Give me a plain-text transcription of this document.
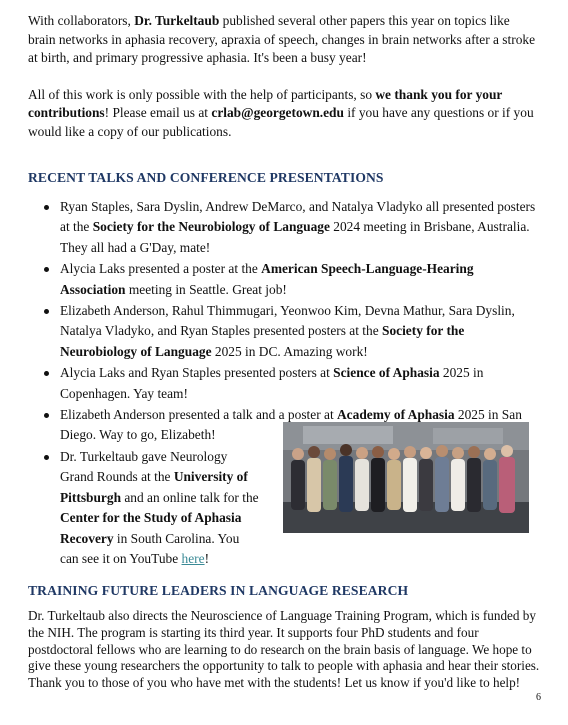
With collaborators, Dr. Turkeltaub published several other papers this year on topics like brain networks in aphasia recovery, apraxia of speech, changes in brain networks after a stroke at birth, and primary progressive aphasia. It's been a busy year!

All of this work is only possible with the help of participants, so we thank you for your contributions! Please email us at crlab@georgetown.edu if you have any questions or if you would like a copy of our publications.

RECENT TALKS AND CONFERENCE PRESENTATIONS
Ryan Staples, Sara Dyslin, Andrew DeMarco, and Natalya Vladyko all presented posters at the Society for the Neurobiology of Language 2024 meeting in Brisbane, Australia. They all had a G'Day, mate!
Alycia Laks presented a poster at the American Speech-Language-Hearing Association meeting in Seattle. Great job!
Elizabeth Anderson, Rahul Thimmugari, Yeonwoo Kim, Devna Mathur, Sara Dyslin, Natalya Vladyko, and Ryan Staples presented posters at the Society for the Neurobiology of Language 2025 in DC. Amazing work!
Alycia Laks and Ryan Staples presented posters at Science of Aphasia 2025 in Copenhagen. Yay team!
Elizabeth Anderson presented a talk and a poster at Academy of Aphasia 2025 in San Diego. Way to go, Elizabeth!
Dr. Turkeltaub gave Neurology
Grand Rounds at the University of
Pittsburgh and an online talk for the
Center for the Study of Aphasia
Recovery in South Carolina. You
can see it on YouTube here!
TRAINING FUTURE LEADERS IN LANGUAGE RESEARCH

Dr. Turkeltaub also directs the Neuroscience of Language Training Program, which is funded by the NIH. The program is starting its third year. It supports four PhD students and four postdoctoral fellows who are learning to do research on the brain basis of language. We hope to give these young researchers the opportunity to talk to people with aphasia and hear their stories. Thank you to those of you who have met with the students! Let us know if you'd like to help!

6
